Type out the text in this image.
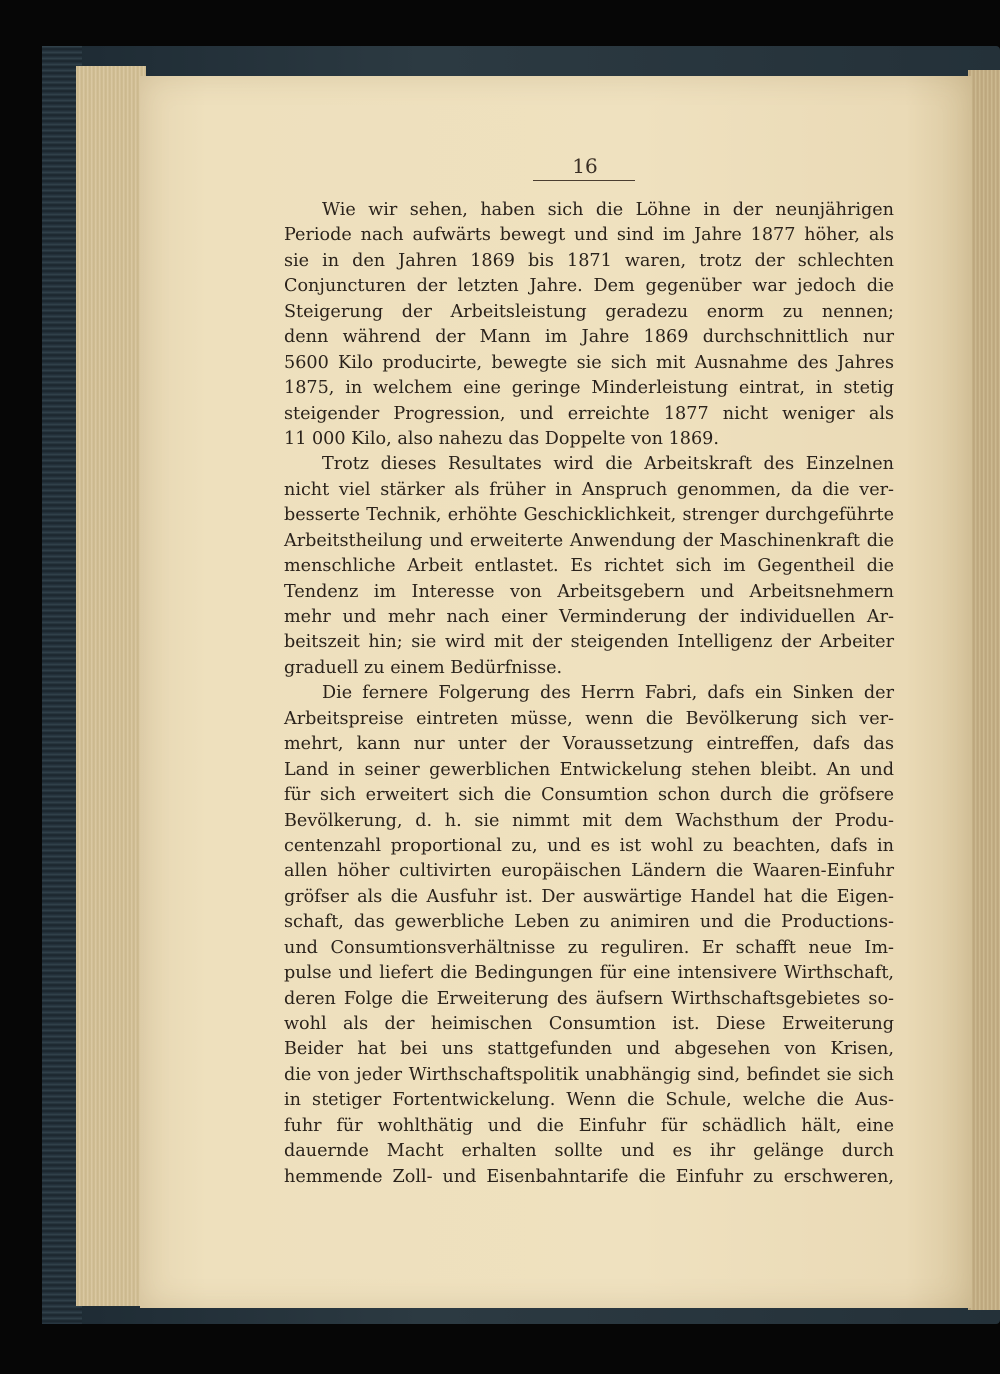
16
Wie wir sehen, haben sich die Löhne in der neunjährigen
Periode nach aufwärts bewegt und sind im Jahre 1877 höher, als
sie in den Jahren 1869 bis 1871 waren, trotz der schlechten
Conjuncturen der letzten Jahre. Dem gegenüber war jedoch die
Steigerung der Arbeitsleistung geradezu enorm zu nennen;
denn während der Mann im Jahre 1869 durchschnittlich nur
5600 Kilo producirte, bewegte sie sich mit Ausnahme des Jahres
1875, in welchem eine geringe Minderleistung eintrat, in stetig
steigender Progression, und erreichte 1877 nicht weniger als
11 000 Kilo, also nahezu das Doppelte von 1869.
Trotz dieses Resultates wird die Arbeitskraft des Einzelnen
nicht viel stärker als früher in Anspruch genommen, da die ver-
besserte Technik, erhöhte Geschicklichkeit, strenger durchgeführte
Arbeitstheilung und erweiterte Anwendung der Maschinenkraft die
menschliche Arbeit entlastet. Es richtet sich im Gegentheil die
Tendenz im Interesse von Arbeitsgebern und Arbeitsnehmern
mehr und mehr nach einer Verminderung der individuellen Ar-
beitszeit hin; sie wird mit der steigenden Intelligenz der Arbeiter
graduell zu einem Bedürfnisse.
Die fernere Folgerung des Herrn Fabri, dafs ein Sinken der
Arbeitspreise eintreten müsse, wenn die Bevölkerung sich ver-
mehrt, kann nur unter der Voraussetzung eintreffen, dafs das
Land in seiner gewerblichen Entwickelung stehen bleibt. An und
für sich erweitert sich die Consumtion schon durch die gröfsere
Bevölkerung, d. h. sie nimmt mit dem Wachsthum der Produ-
centenzahl proportional zu, und es ist wohl zu beachten, dafs in
allen höher cultivirten europäischen Ländern die Waaren-Einfuhr
gröfser als die Ausfuhr ist. Der auswärtige Handel hat die Eigen-
schaft, das gewerbliche Leben zu animiren und die Productions-
und Consumtionsverhältnisse zu reguliren. Er schafft neue Im-
pulse und liefert die Bedingungen für eine intensivere Wirthschaft,
deren Folge die Erweiterung des äufsern Wirthschaftsgebietes so-
wohl als der heimischen Consumtion ist. Diese Erweiterung
Beider hat bei uns stattgefunden und abgesehen von Krisen,
die von jeder Wirthschaftspolitik unabhängig sind, befindet sie sich
in stetiger Fortentwickelung. Wenn die Schule, welche die Aus-
fuhr für wohlthätig und die Einfuhr für schädlich hält, eine
dauernde Macht erhalten sollte und es ihr gelänge durch
hemmende Zoll- und Eisenbahntarife die Einfuhr zu erschweren,
